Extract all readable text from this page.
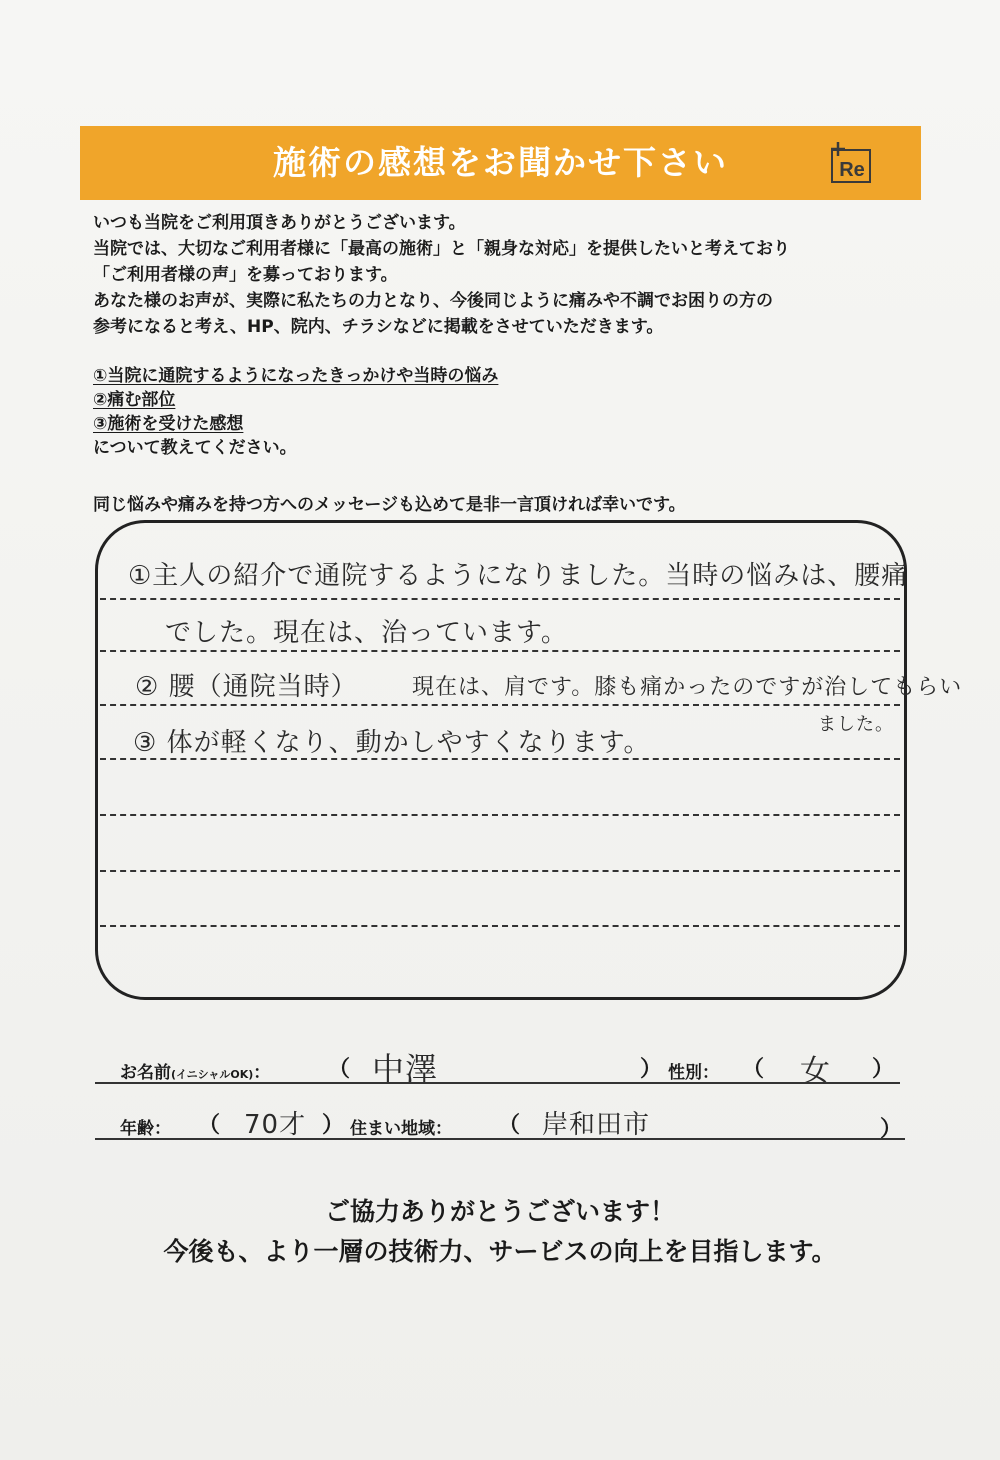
施術の感想をお聞かせ下さい	Re
いつも当院をご利用頂きありがとうございます。
当院では、大切なご利用者様に「最高の施術」と「親身な対応」を提供したいと考えており
「ご利用者様の声」を募っております。
あなた様のお声が、実際に私たちの力となり、今後同じように痛みや不調でお困りの方の
参考になると考え、HP、院内、チラシなどに掲載をさせていただきます。
①当院に通院するようになったきっかけや当時の悩み
②痛む部位
③施術を受けた感想
について教えてください。
同じ悩みや痛みを持つ方へのメッセージも込めて是非一言頂ければ幸いです。
①主人の紹介で通院するようになりました。当時の悩みは、腰痛
でした。現在は、治っています。
② 腰（通院当時） 現在は、肩です。膝も痛かったのですが治してもらい
ました。
③ 体が軽くなり、動かしやすくなります。
お名前(イニシャルOK)：	（ 中澤	） 性別： （ 女 ）
年齢： （ 70才 ） 住まい地域： （ 岸和田市	）
ご協力ありがとうございます！
今後も、より一層の技術力、サービスの向上を目指します。
